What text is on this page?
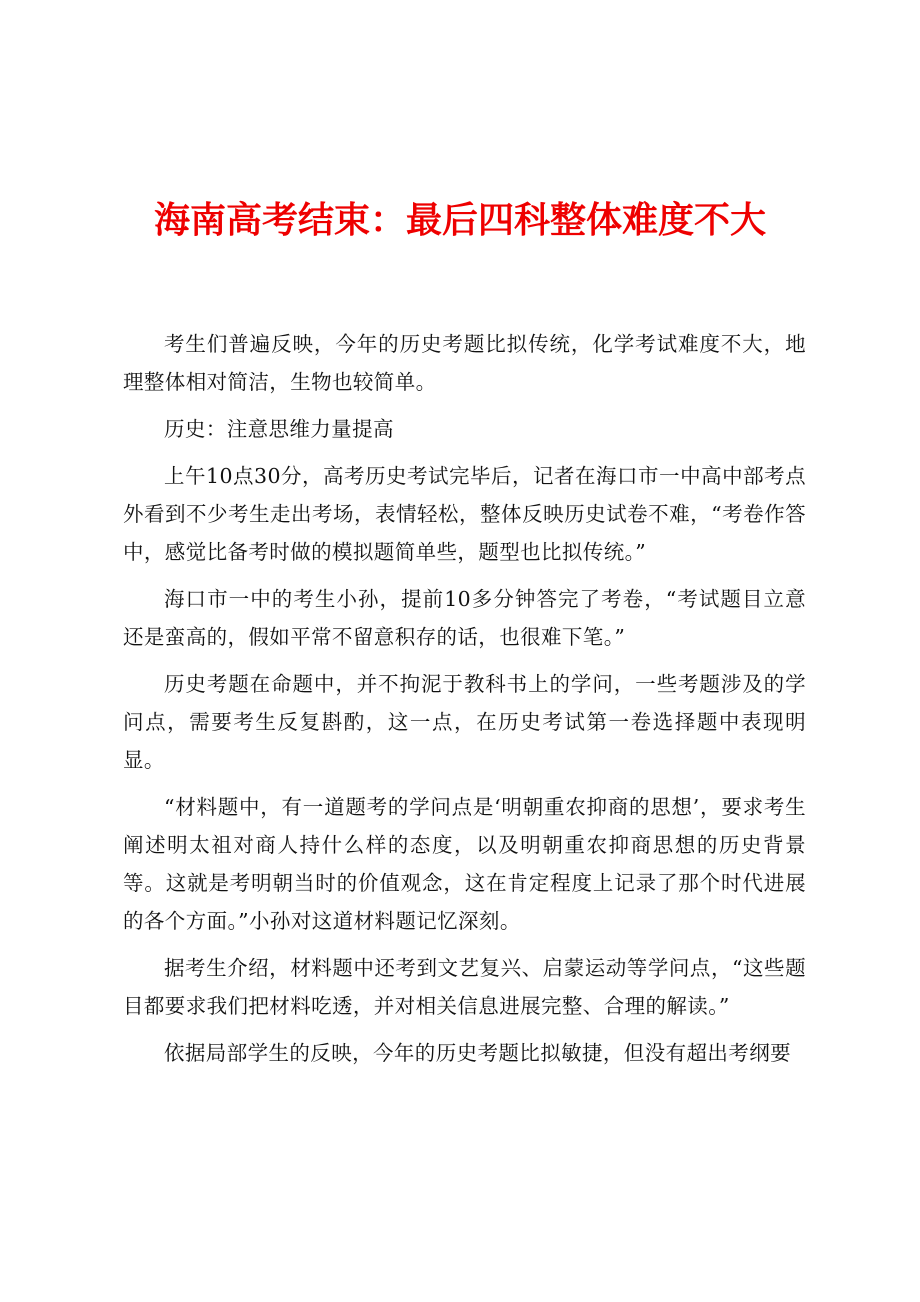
海南高考结束：最后四科整体难度不大

考生们普遍反映，今年的历史考题比拟传统，化学考试难度不大，地理整体相对简洁，生物也较简单。

历史：注意思维力量提高

上午10点30分，高考历史考试完毕后，记者在海口市一中高中部考点外看到不少考生走出考场，表情轻松，整体反映历史试卷不难，“考卷作答中，感觉比备考时做的模拟题简单些，题型也比拟传统。”

海口市一中的考生小孙，提前10多分钟答完了考卷，“考试题目立意还是蛮高的，假如平常不留意积存的话，也很难下笔。”

历史考题在命题中，并不拘泥于教科书上的学问，一些考题涉及的学问点，需要考生反复斟酌，这一点，在历史考试第一卷选择题中表现明显。

“材料题中，有一道题考的学问点是‘明朝重农抑商的思想’，要求考生阐述明太祖对商人持什么样的态度，以及明朝重农抑商思想的历史背景等。这就是考明朝当时的价值观念，这在肯定程度上记录了那个时代进展的各个方面。”小孙对这道材料题记忆深刻。

据考生介绍，材料题中还考到文艺复兴、启蒙运动等学问点，“这些题目都要求我们把材料吃透，并对相关信息进展完整、合理的解读。”

依据局部学生的反映，今年的历史考题比拟敏捷，但没有超出考纲要
